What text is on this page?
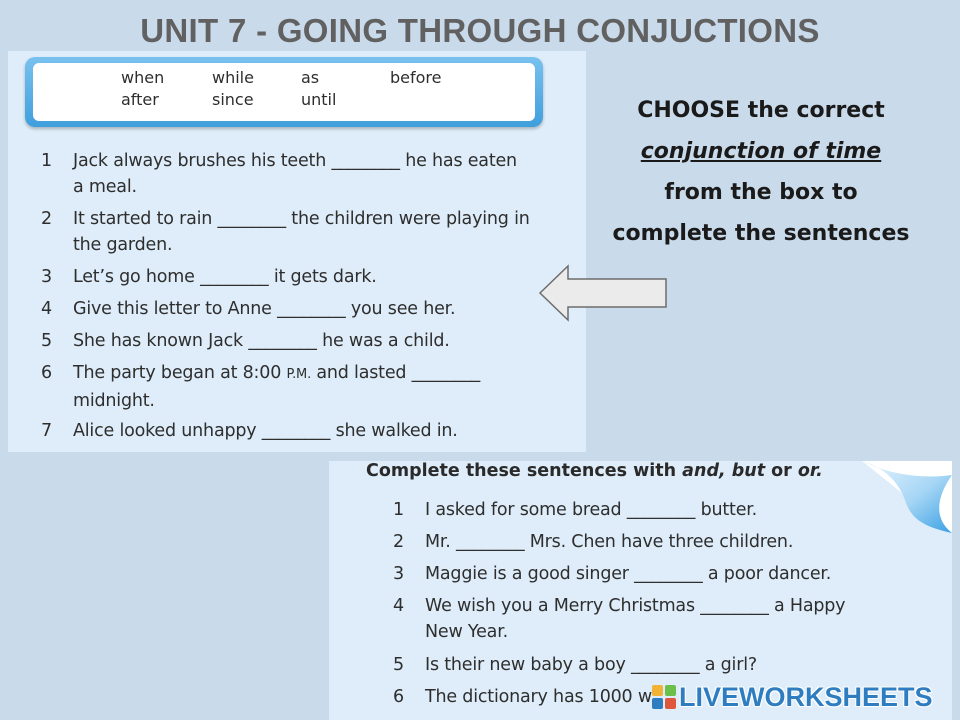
UNIT 7 - GOING THROUGH CONJUCTIONS
when	while	as	before
after	since	until
1	Jack always brushes his teeth ________ he has eaten
a meal.
2	It started to rain ________ the children were playing in
the garden.
3	Let’s go home ________ it gets dark.
4	Give this letter to Anne ________ you see her.
5	She has known Jack ________ he was a child.
6	The party began at 8:00 P.M. and lasted ________
midnight.
7	Alice looked unhappy ________ she walked in.
CHOOSE the correct
conjunction of time
from the box to
complete the sentences
Complete these sentences with and, but or or.
1	I asked for some bread ________ butter.
2	Mr. ________ Mrs. Chen have three children.
3	Maggie is a good singer ________ a poor dancer.
4	We wish you a Merry Christmas ________ a Happy
New Year.
5	Is their new baby a boy ________ a girl?
6	The dictionary has 1000 w LIVEWORKSHEETS
